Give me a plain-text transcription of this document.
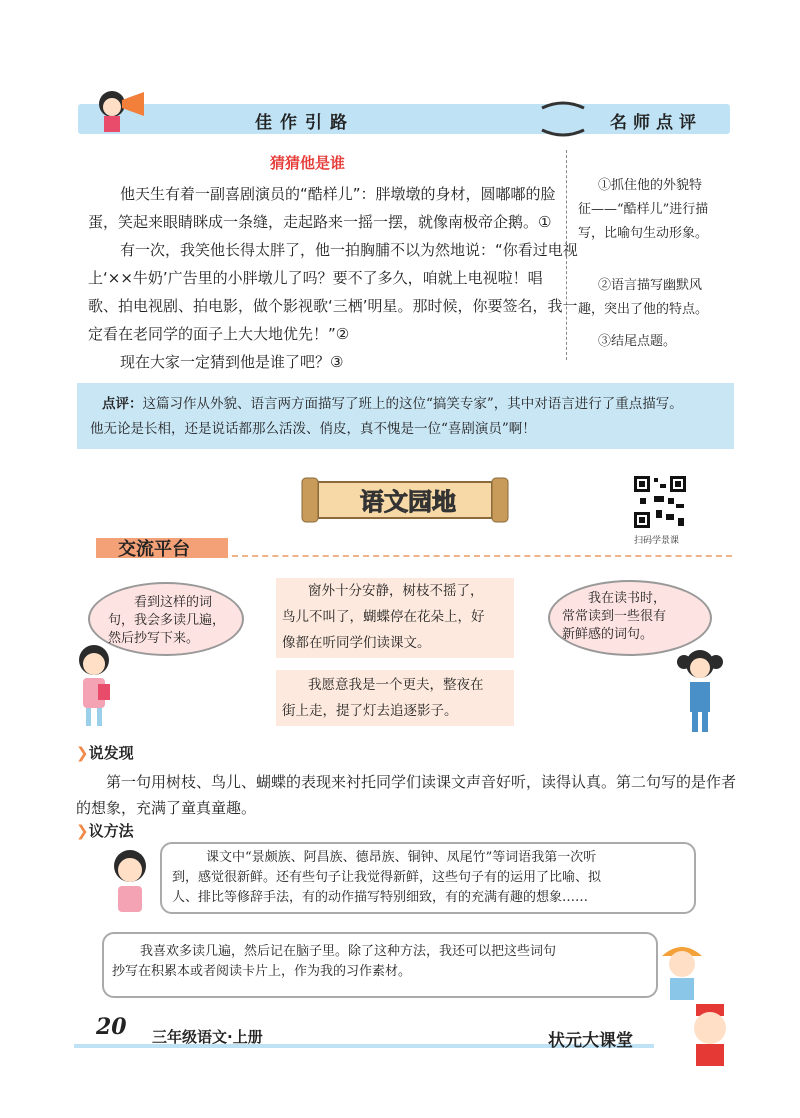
佳作引路	名师点评
猜猜他是谁
他天生有着一副喜剧演员的“酷样儿”：胖墩墩的身材，圆嘟嘟的脸
蛋，笑起来眼睛眯成一条缝，走起路来一摇一摆，就像南极帝企鹅。①
有一次，我笑他长得太胖了，他一拍胸脯不以为然地说：“你看过电视
上‘××牛奶’广告里的小胖墩儿了吗？要不了多久，咱就上电视啦！唱
歌、拍电视剧、拍电影，做个影视歌‘三栖’明星。那时候，你要签名，我一
定看在老同学的面子上大大地优先！”②
现在大家一定猜到他是谁了吧？③
①抓住他的外貌特
征——“酷样儿”进行描
写，比喻句生动形象。
②语言描写幽默风
趣，突出了他的特点。
③结尾点题。
点评：这篇习作从外貌、语言两方面描写了班上的这位“搞笑专家”，其中对语言进行了重点描写。
他无论是长相，还是说话都那么活泼、俏皮，真不愧是一位“喜剧演员”啊！
语文园地
扫码学景课
交流平台
看到这样的词
句，我会多读几遍，
然后抄写下来。
窗外十分安静，树枝不摇了，
鸟儿不叫了，蝴蝶停在花朵上，好
像都在听同学们读课文。
我愿意我是一个更夫，整夜在
街上走，提了灯去追逐影子。
我在读书时，
常常读到一些很有
新鲜感的词句。
❯说发现
第一句用树枝、鸟儿、蝴蝶的表现来衬托同学们读课文声音好听，读得认真。第二句写的是作者
的想象，充满了童真童趣。
❯议方法
课文中“景颇族、阿昌族、德昂族、铜钟、凤尾竹”等词语我第一次听
到，感觉很新鲜。还有些句子让我觉得新鲜，这些句子有的运用了比喻、拟
人、排比等修辞手法，有的动作描写特别细致，有的充满有趣的想象……
我喜欢多读几遍，然后记在脑子里。除了这种方法，我还可以把这些词句
抄写在积累本或者阅读卡片上，作为我的习作素材。
20 三年级语文·上册	状元大课堂
